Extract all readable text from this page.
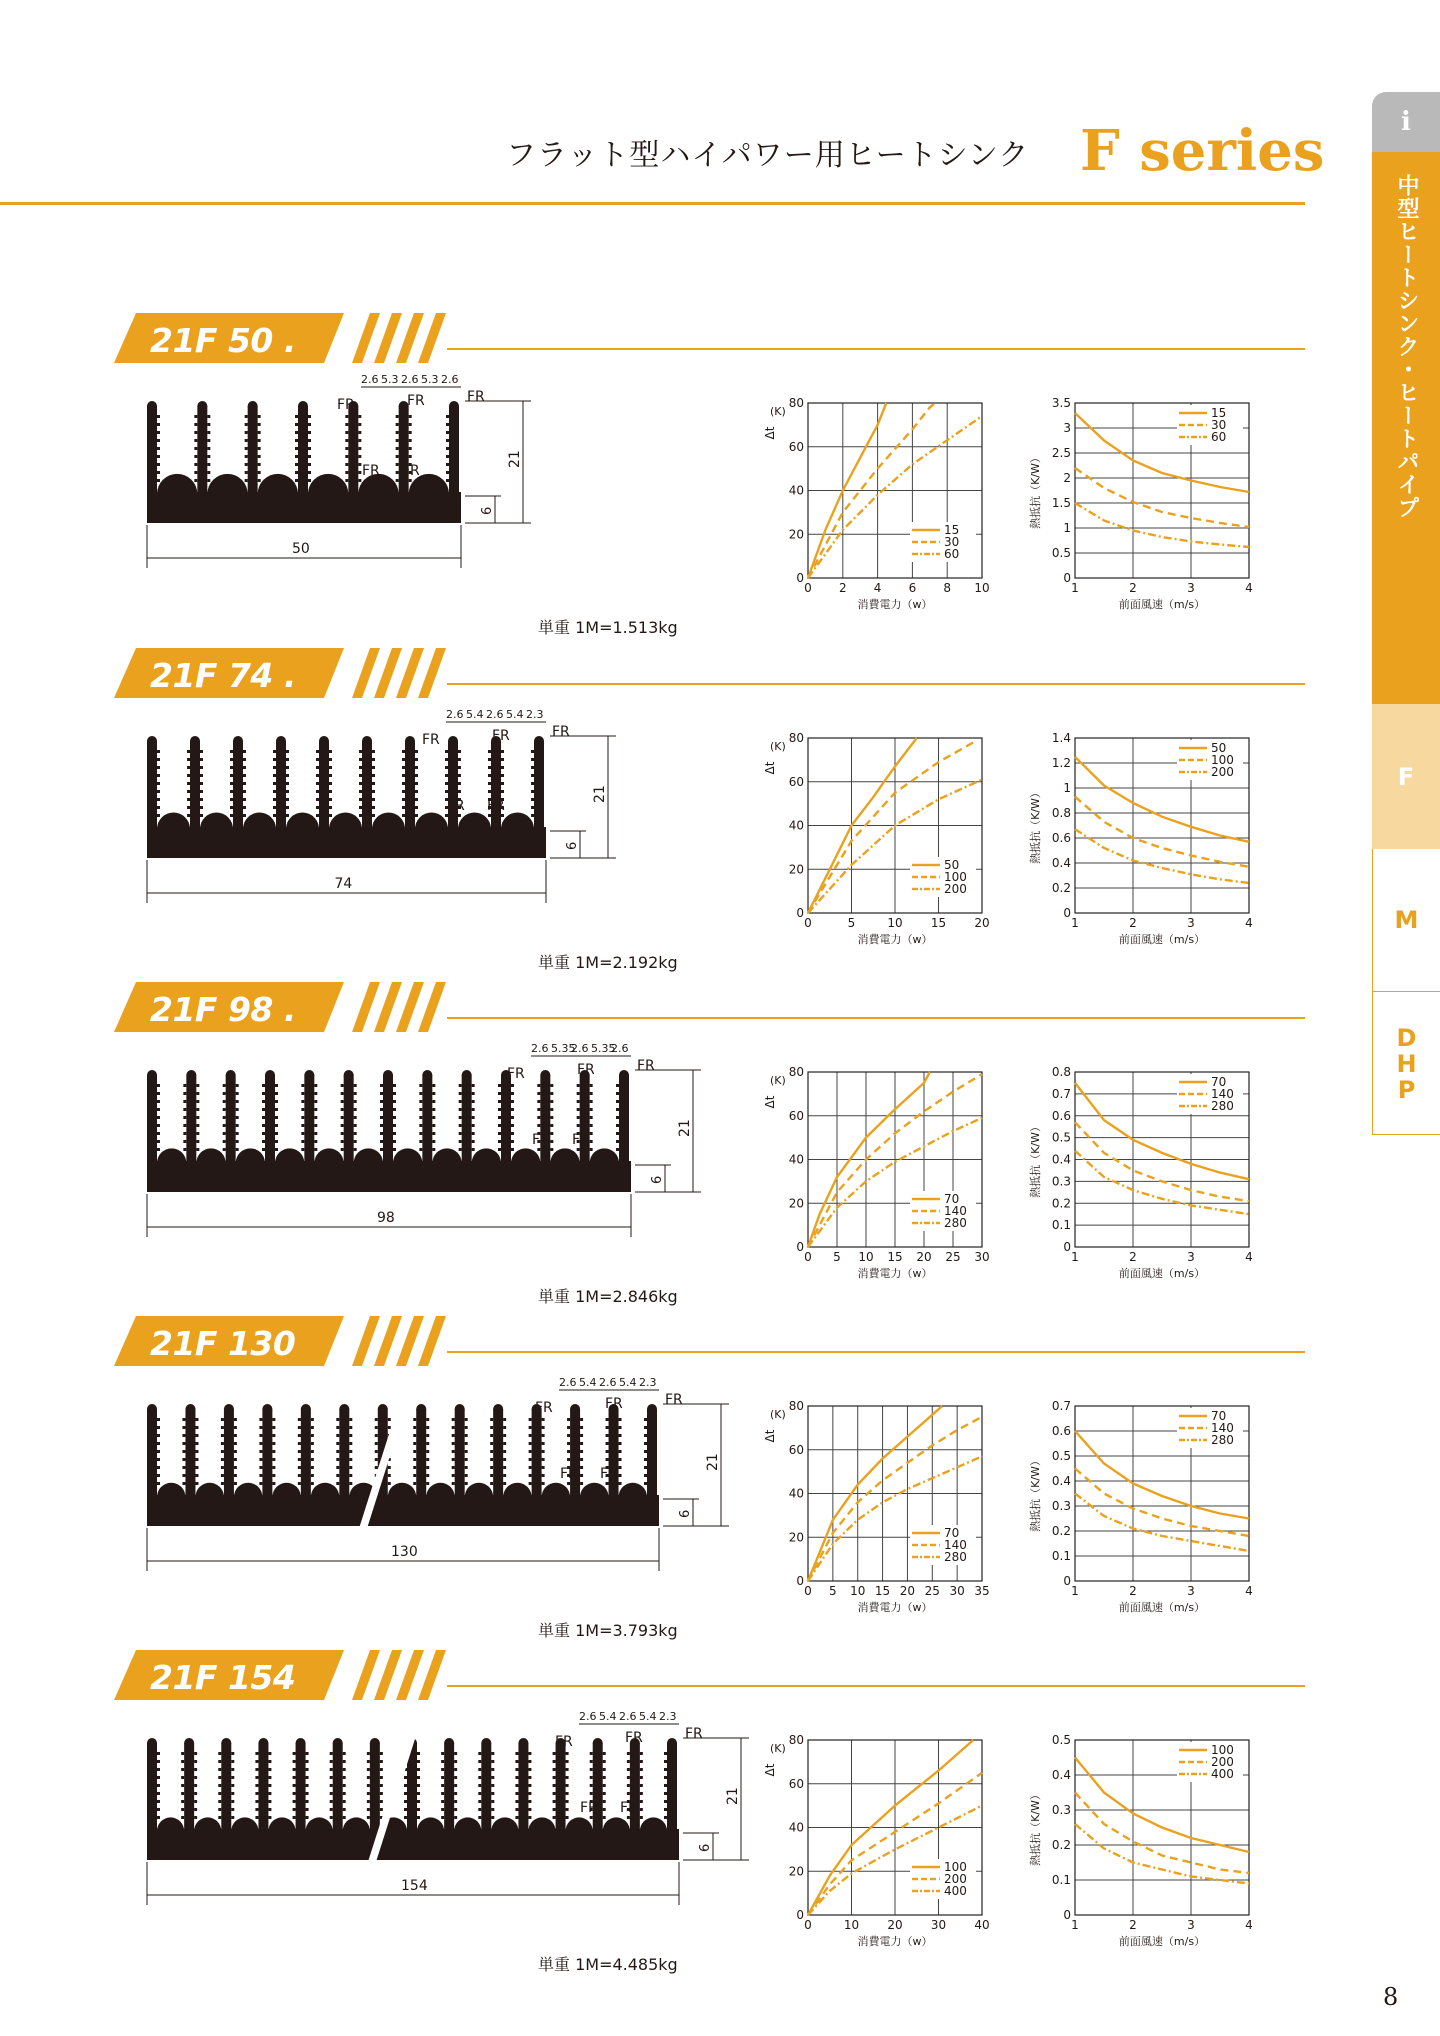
フラット型ハイパワー用ヒートシンク F series	i
中型ヒートシンク・ヒートパイプ
F
M
DHP
8
21F 50 .
21
6
50
2.6 5.3 2.6 5.3 2.6
FR	FR	FR
FR FR
単重 1M=1.513kg
21F 74 .
21
6
74
2.6 5.4 2.6 5.4 2.3
FR	FR	FR
FR FR
単重 1M=2.192kg
21F 98 .
21
6
98
2.6 5.35
2.6 5.35
2.6
FR	FR	FR
FR FR
単重 1M=2.846kg
21F 130
21
6
130
2.6 5.4 2.6 5.4 2.3
FR	FR	FR
FR FR
単重 1M=3.793kg
21F 154
21
6
154
2.6 5.4 2.6 5.4 2.3
FR	FR	FR
FR FR
単重 1M=4.485kg
0 2 4 6 8 10
0
20
40
60
80
15
30
60
消費電力（w）
(K)
Δt
1	2	3	4
0
0.5
1
1.5
2
2.5
3
3.5
15
30
60
前面風速（m/s）
熱抵抗（K/W）
0	5	10 15 20
0
20
40
60
80
50
100
200
消費電力（w）
(K)
Δt
1	2	3	4
0
0.2
0.4
0.6
0.8
1
1.2
1.4
50
100
200
前面風速（m/s）
熱抵抗（K/W）
0 5 10 15 20 25 30
0
20
40
60
80
70
140
280
消費電力（w）
(K)
Δt
1	2	3	4
0
0.1
0.2
0.3
0.4
0.5
0.6
0.7
0.8
70
140
280
前面風速（m/s）
熱抵抗（K/W）
0 5 10 15 20 25 30 35
0
20
40
60
80
70
140
280
消費電力（w）
(K)
Δt
1	2	3	4
0
0.1
0.2
0.3
0.4
0.5
0.6
0.7
70
140
280
前面風速（m/s）
熱抵抗（K/W）
0	10 20 30 40
0
20
40
60
80
100
200
400
消費電力（w）
(K)
Δt
1	2	3	4
0
0.1
0.2
0.3
0.4
0.5
100
200
400
前面風速（m/s）
熱抵抗（K/W）
